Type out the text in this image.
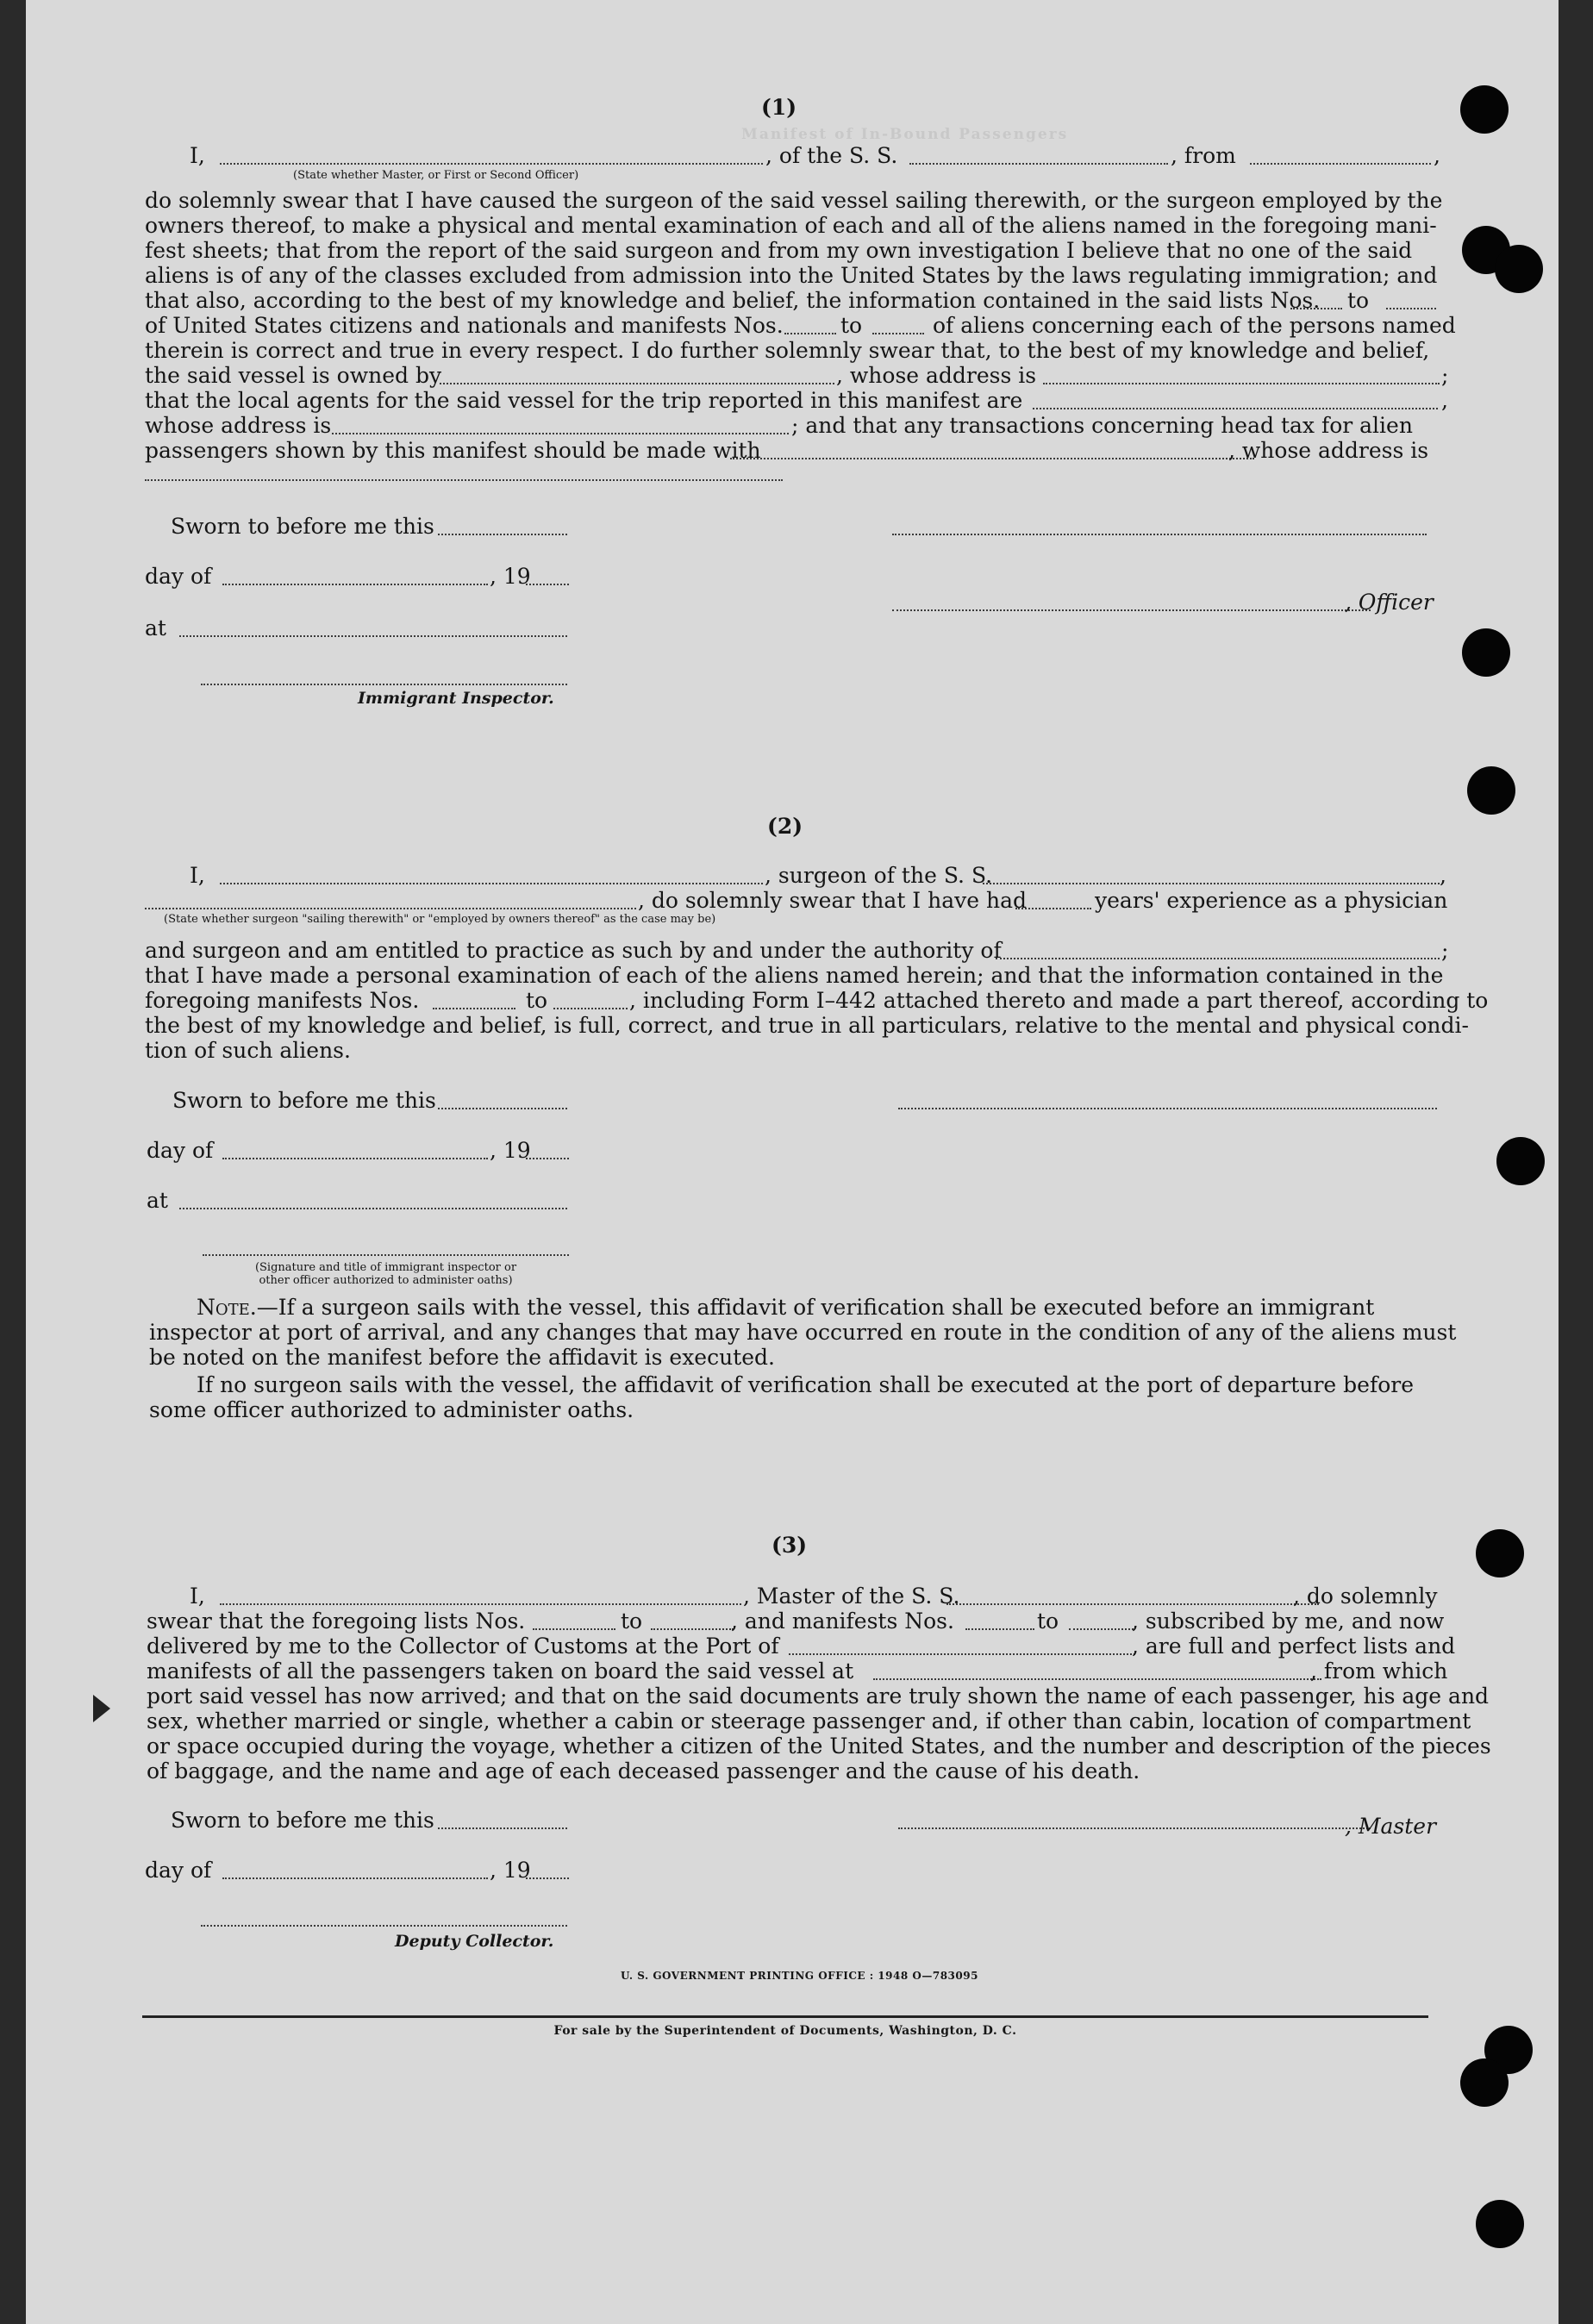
Manifest of In-Bound Passengers
(1)
I,	, of the S. S.	, from	,
(State whether Master, or First or Second Officer)
do solemnly swear that I have caused the surgeon of the said vessel sailing therewith, or the surgeon employed by the
owners thereof, to make a physical and mental examination of each and all of the aliens named in the foregoing mani-
fest sheets; that from the report of the said surgeon and from my own investigation I believe that no one of the said
aliens is of any of the classes excluded from admission into the United States by the laws regulating immigration; and
that also, according to the best of my knowledge and belief, the information contained in the said lists Nos. to
of United States citizens and nationals and manifests Nos.	to	of aliens concerning each of the persons named
therein is correct and true in every respect. I do further solemnly swear that, to the best of my knowledge and belief,
the said vessel is owned by	, whose address is	;
that the local agents for the said vessel for the trip reported in this manifest are	,
whose address is	; and that any transactions concerning head tax for alien
passengers shown by this manifest should be made with	, whose address is
Sworn to before me this
day of	, 19
, Officer
at
Immigrant Inspector.
(2)
I,	, surgeon of the S. S.	,
, do solemnly swear that I have had	years' experience as a physician
(State whether surgeon "sailing therewith" or "employed by owners thereof" as the case may be)
and surgeon and am entitled to practice as such by and under the authority of	;
that I have made a personal examination of each of the aliens named herein; and that the information contained in the
foregoing manifests Nos.	to	, including Form I–442 attached thereto and made a part thereof, according to
the best of my knowledge and belief, is full, correct, and true in all particulars, relative to the mental and physical condi-
tion of such aliens.
Sworn to before me this
day of	, 19
at
(Signature and title of immigrant inspector or
other officer authorized to administer oaths)
Note.—If a surgeon sails with the vessel, this affidavit of verification shall be executed before an immigrant
inspector at port of arrival, and any changes that may have occurred en route in the condition of any of the aliens must
be noted on the manifest before the affidavit is executed.
If no surgeon sails with the vessel, the affidavit of verification shall be executed at the port of departure before
some officer authorized to administer oaths.
(3)
I,	, Master of the S. S.	, do solemnly
swear that the foregoing lists Nos.	to	, and manifests Nos.	to	, subscribed by me, and now
delivered by me to the Collector of Customs at the Port of	, are full and perfect lists and
manifests of all the passengers taken on board the said vessel at	, from which
port said vessel has now arrived; and that on the said documents are truly shown the name of each passenger, his age and
sex, whether married or single, whether a cabin or steerage passenger and, if other than cabin, location of compartment
or space occupied during the voyage, whether a citizen of the United States, and the number and description of the pieces
of baggage, and the name and age of each deceased passenger and the cause of his death.
Sworn to before me this	, Master
day of	, 19
Deputy Collector.
U. S. GOVERNMENT PRINTING OFFICE : 1948 O—783095
For sale by the Superintendent of Documents, Washington, D. C.
